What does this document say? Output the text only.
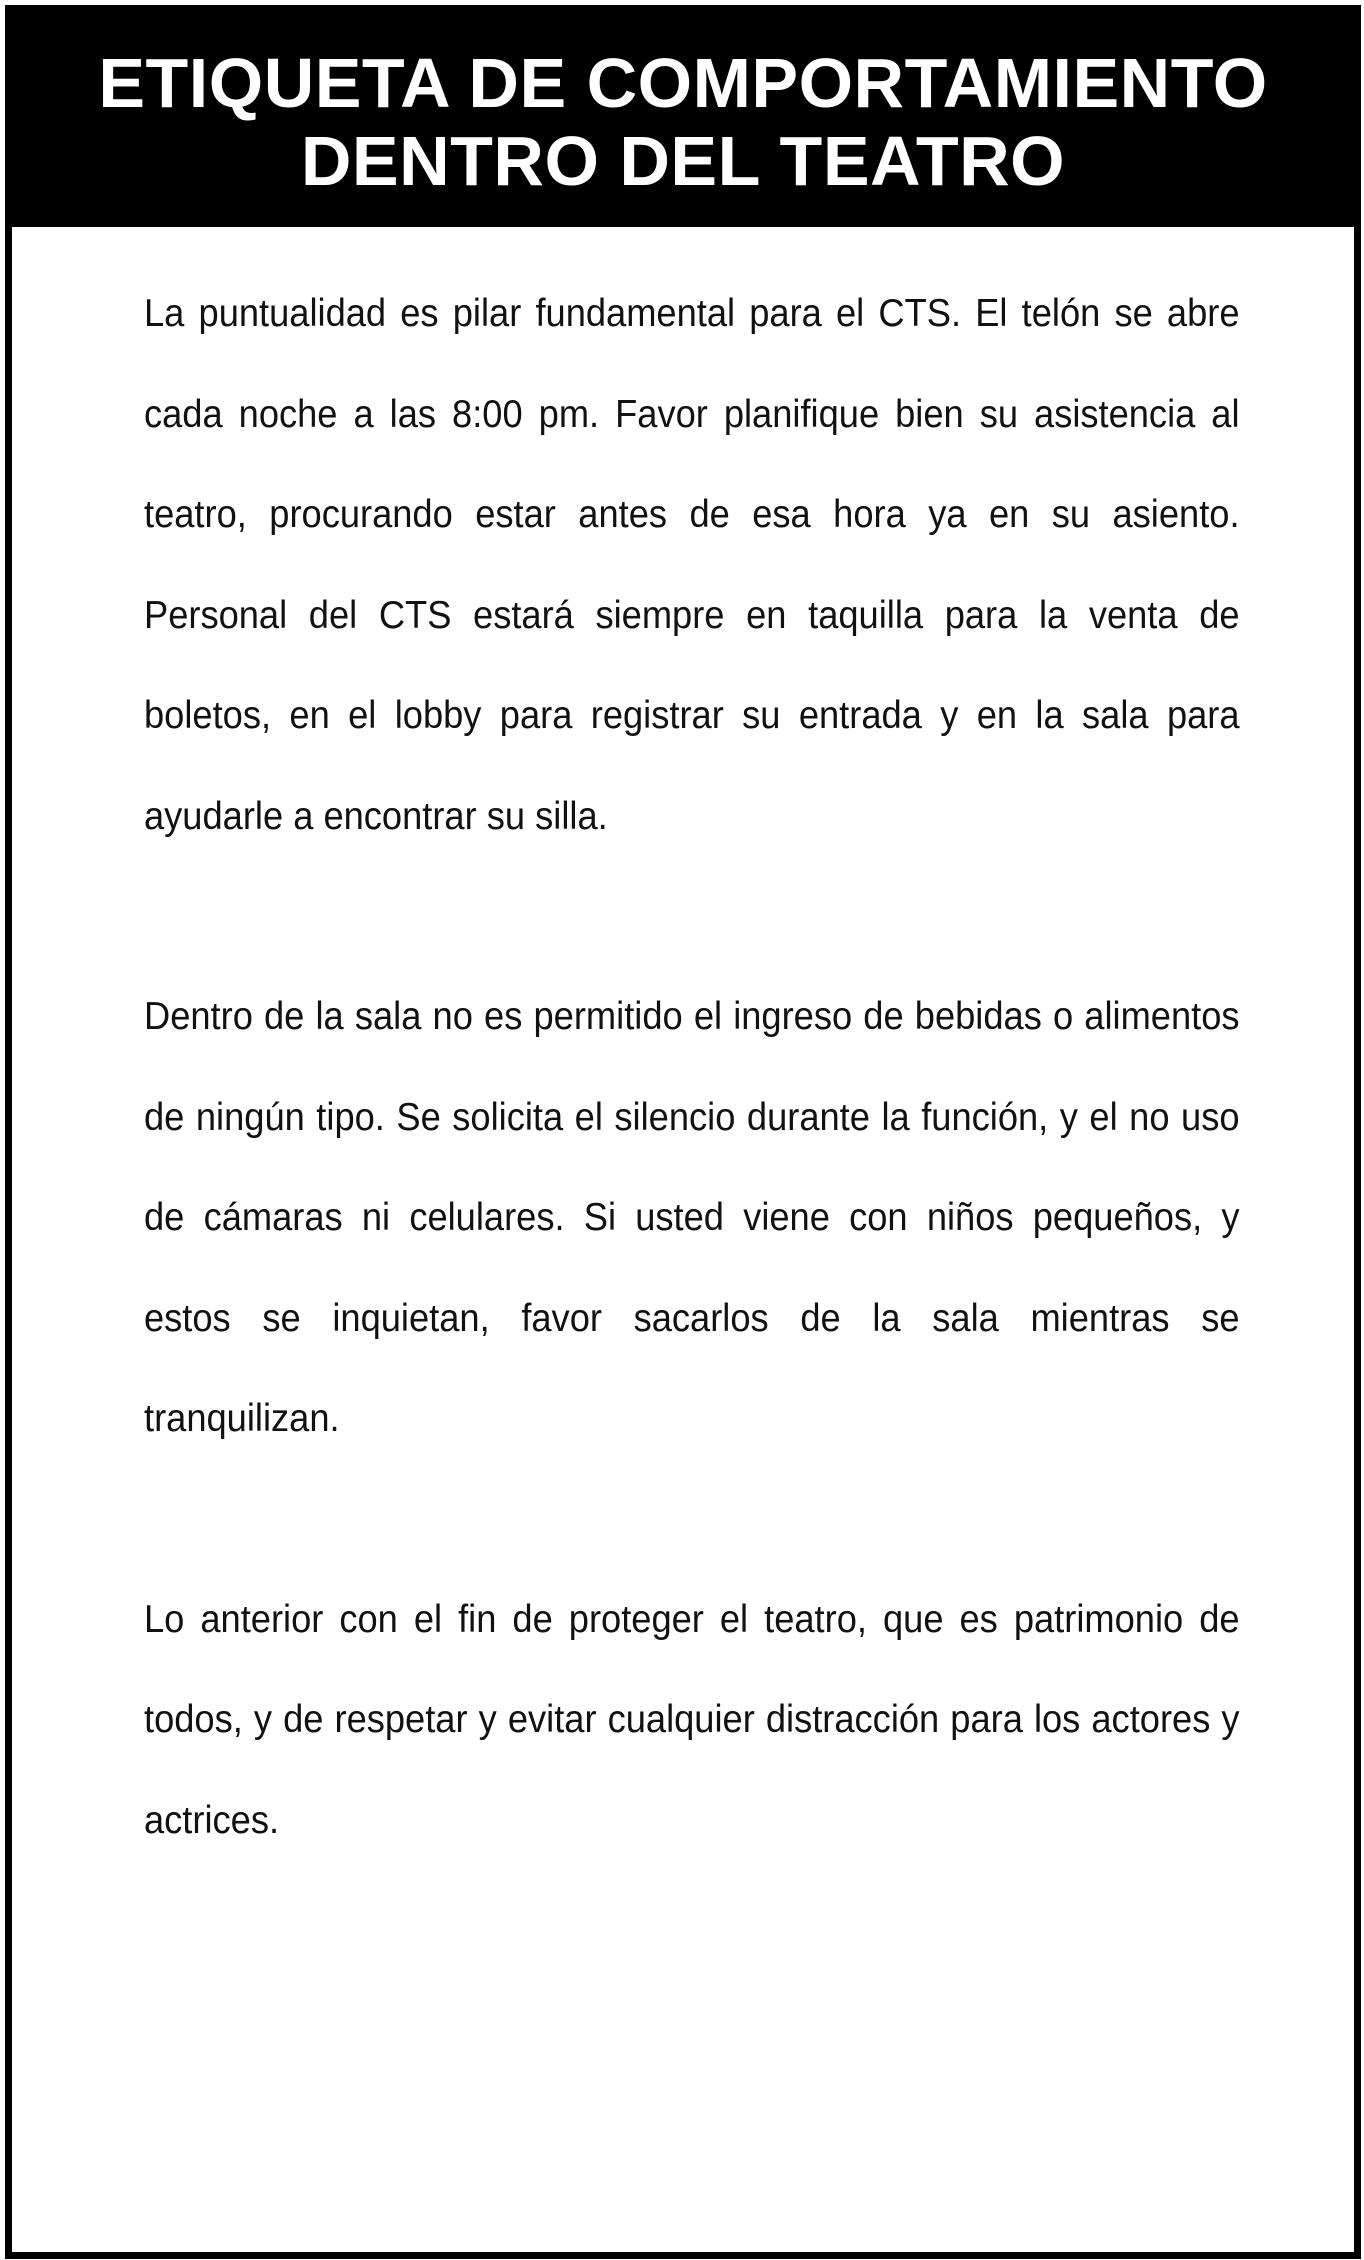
ETIQUETA DE COMPORTAMIENTO
DENTRO DEL TEATRO

La puntualidad es pilar fundamental para el CTS. El telón se abre cada noche a las 8:00 pm. Favor planifique bien su asistencia al teatro, procurando estar antes de esa hora ya en su asiento. Personal del CTS estará siempre en taquilla para la venta de boletos, en el lobby para registrar su entrada y en la sala para ayudarle a encontrar su silla.

Dentro de la sala no es permitido el ingreso de bebidas o alimentos de ningún tipo. Se solicita el silencio durante la función, y el no uso de cámaras ni celulares. Si usted viene con niños pequeños, y estos se inquietan, favor sacarlos de la sala mientras se tranquilizan.

Lo anterior con el fin de proteger el teatro, que es patrimonio de todos, y de respetar y evitar cualquier distracción para los actores y actrices.
